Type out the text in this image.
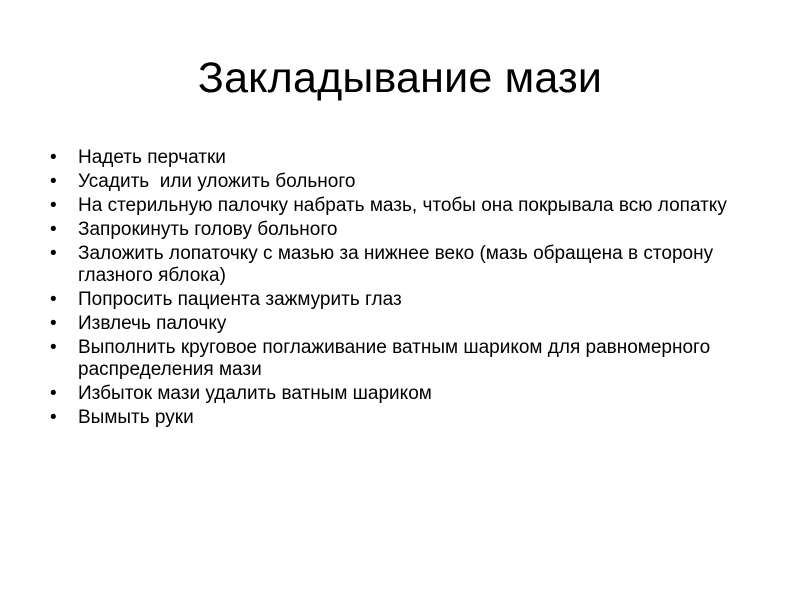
Закладывание мази
• Надеть перчатки
• Усадить  или уложить больного
• На стерильную палочку набрать мазь, чтобы она покрывала всю лопатку
• Запрокинуть голову больного
• Заложить лопаточку с мазью за нижнее веко (мазь обращена в сторону глазного яблока)
• Попросить пациента зажмурить глаз
• Извлечь палочку
• Выполнить круговое поглаживание ватным шариком для равномерного распределения мази
• Избыток мази удалить ватным шариком
• Вымыть руки
